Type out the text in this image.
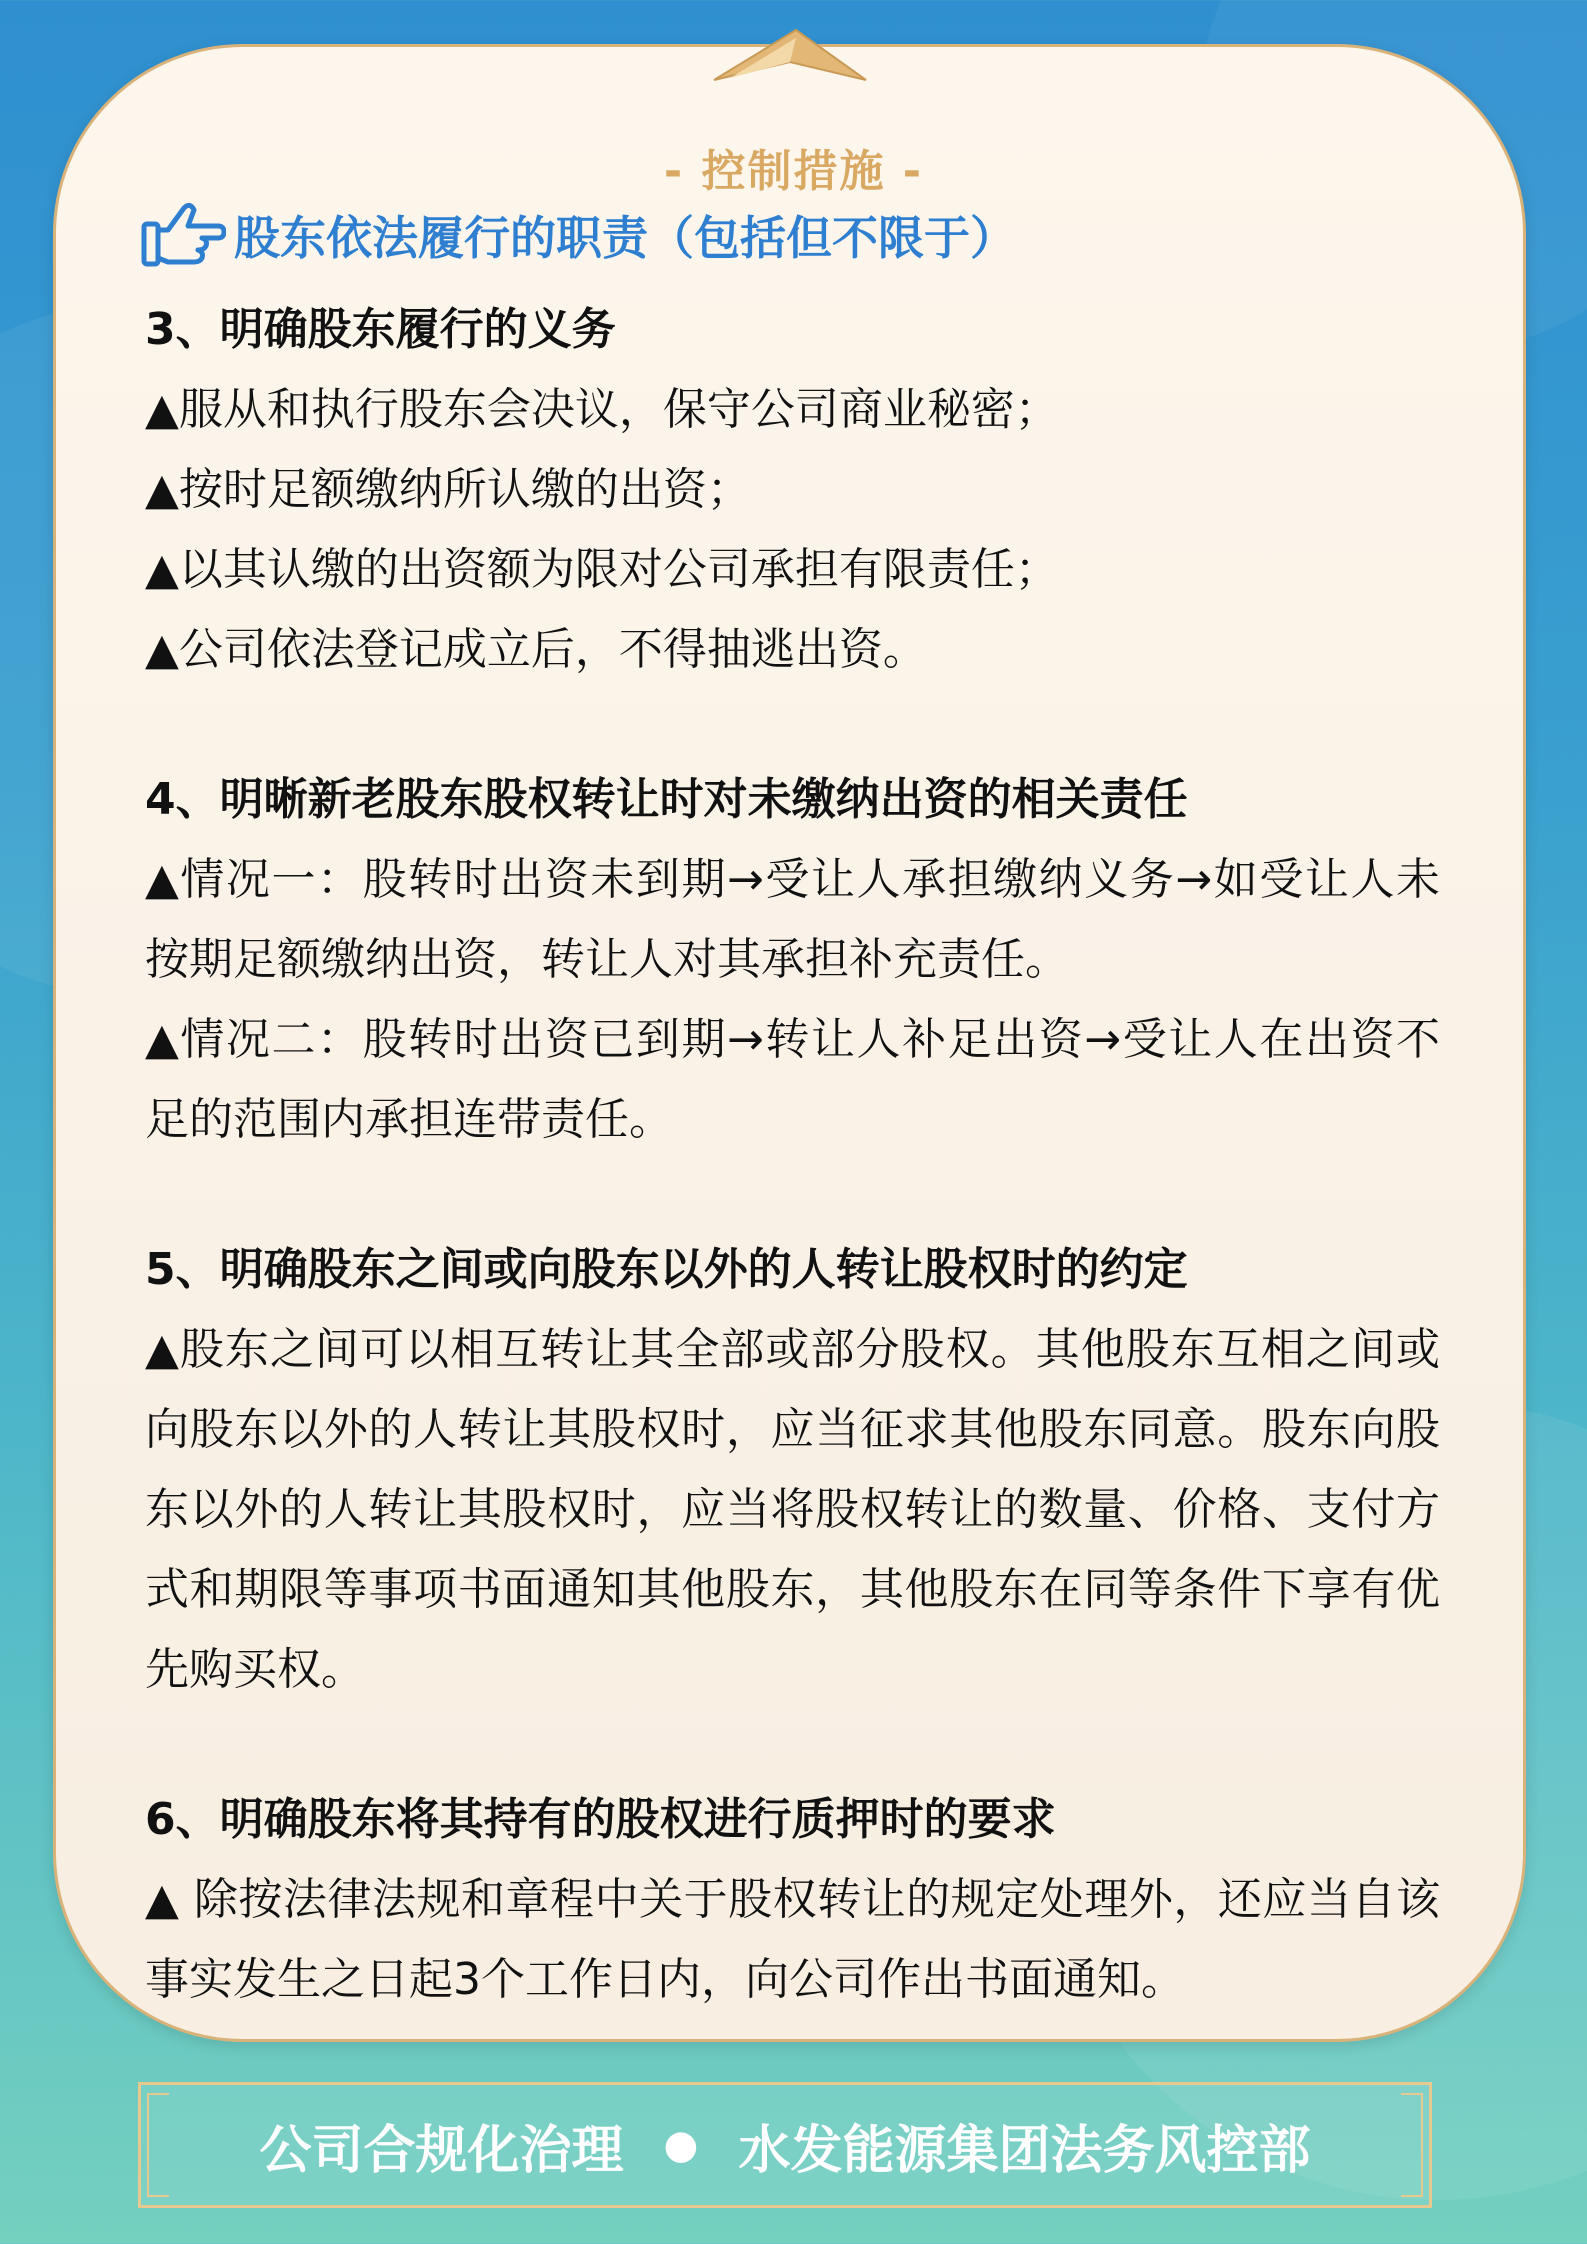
- 控制措施 -
股东依法履行的职责（包括但不限于）
3、明确股东履行的义务
▲服从和执行股东会决议，保守公司商业秘密；
▲按时足额缴纳所认缴的出资；
▲以其认缴的出资额为限对公司承担有限责任；
▲公司依法登记成立后，不得抽逃出资。
4、明晰新老股东股权转让时对未缴纳出资的相关责任
▲情况一：股转时出资未到期→受让人承担缴纳义务→如受让人未按期足额缴纳出资，转让人对其承担补充责任。
▲情况二：股转时出资已到期→转让人补足出资→受让人在出资不足的范围内承担连带责任。
5、明确股东之间或向股东以外的人转让股权时的约定
▲股东之间可以相互转让其全部或部分股权。其他股东互相之间或向股东以外的人转让其股权时，应当征求其他股东同意。股东向股东以外的人转让其股权时，应当将股权转让的数量、价格、支付方式和期限等事项书面通知其他股东，其他股东在同等条件下享有优先购买权。
6、明确股东将其持有的股权进行质押时的要求
▲ 除按法律法规和章程中关于股权转让的规定处理外，还应当自该事实发生之日起3个工作日内，向公司作出书面通知。
公司合规化治理 ● 水发能源集团法务风控部
